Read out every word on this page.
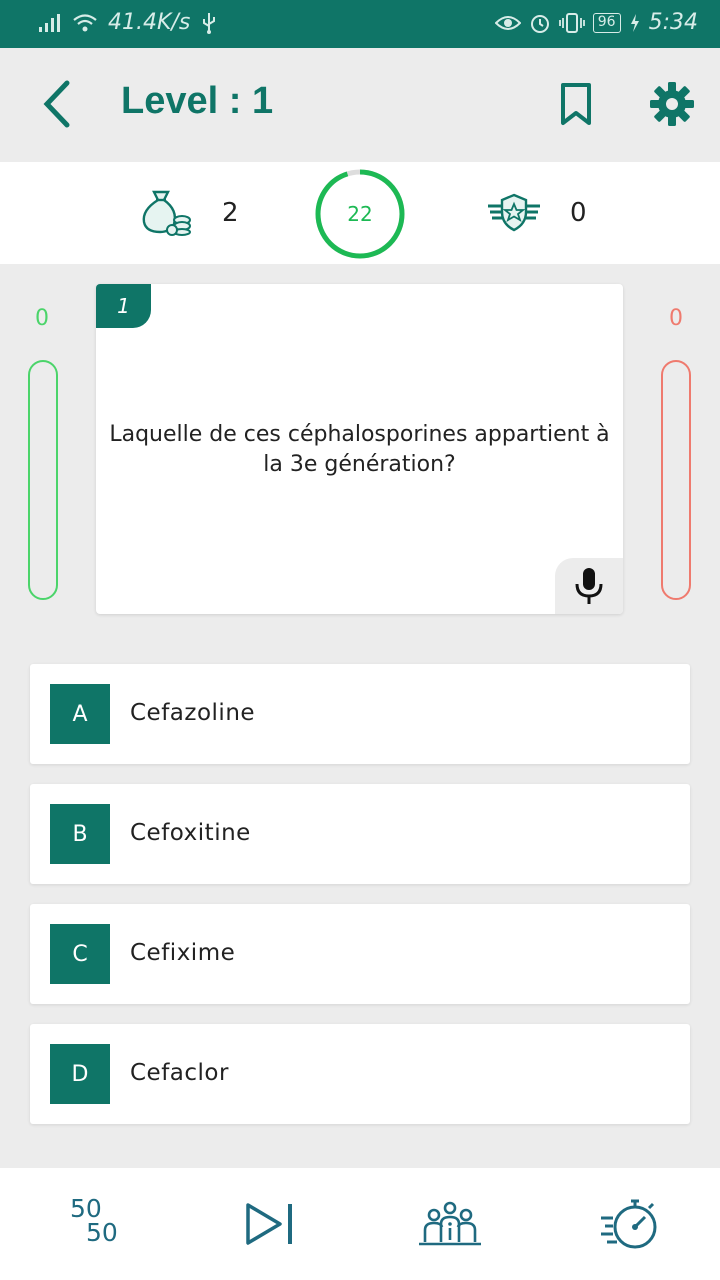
41.4K/s	96 5:34
Level : 1
2	22	0
0	0
1
Laquelle de ces céphalosporines appartient à la 3e génération?
A	Cefazoline
B	Cefoxitine
C	Cefixime
D	Cefaclor
50
50
